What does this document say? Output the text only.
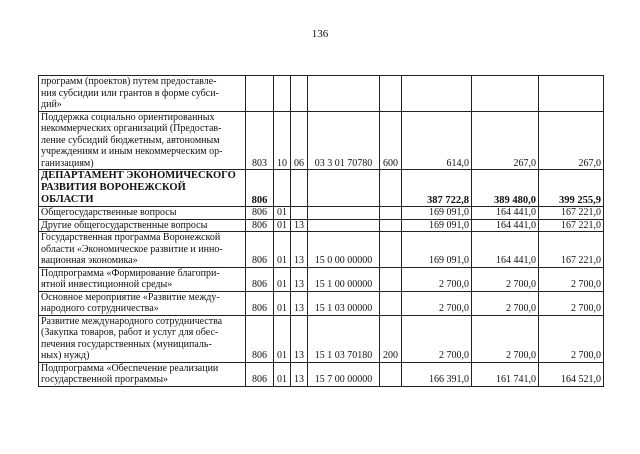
136
программ (проектов) путем предоставле-
ния субсидии или грантов в форме субси-
дий»								
Поддержка социально ориентированных
некоммерческих организаций (Предостав-
ление субсидий бюджетным, автономным
учреждениям и иным некоммерческим ор-
ганизациям)	803	10	06	03 3 01 70780	600	614,0	267,0	267,0
ДЕПАРТАМЕНТ ЭКОНОМИЧЕСКОГО
РАЗВИТИЯ ВОРОНЕЖСКОЙ
ОБЛАСТИ	806					387 722,8	389 480,0	399 255,9
Общегосударственные вопросы	806	01				169 091,0	164 441,0	167 221,0
Другие общегосударственные вопросы	806	01	13			169 091,0	164 441,0	167 221,0
Государственная программа Воронежской
области «Экономическое развитие и инно-
вационная экономика»	806	01	13	15 0 00 00000		169 091,0	164 441,0	167 221,0
Подпрограмма «Формирование благопри-
ятной инвестиционной среды»	806	01	13	15 1 00 00000		2 700,0	2 700,0	2 700,0
Основное мероприятие «Развитие между-
народного сотрудничества»	806	01	13	15 1 03 00000		2 700,0	2 700,0	2 700,0
Развитие международного сотрудничества
(Закупка товаров, работ и услуг для обес-
печения государственных (муниципаль-
ных) нужд)	806	01	13	15 1 03 70180	200	2 700,0	2 700,0	2 700,0
Подпрограмма «Обеспечение реализации
государственной программы»	806	01	13	15 7 00 00000		166 391,0	161 741,0	164 521,0
